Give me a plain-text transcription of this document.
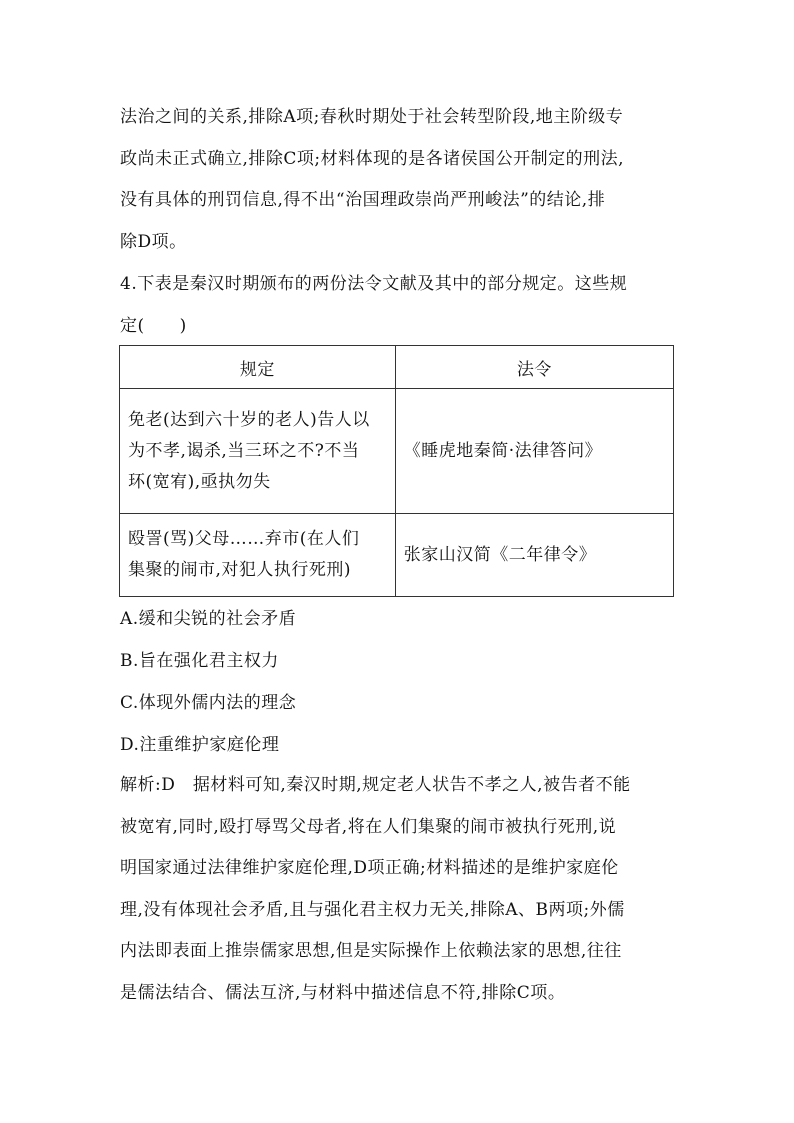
法治之间的关系,排除A项;春秋时期处于社会转型阶段,地主阶级专
政尚未正式确立,排除C项;材料体现的是各诸侯国公开制定的刑法,
没有具体的刑罚信息,得不出“治国理政崇尚严刑峻法”的结论,排
除D项。
4.下表是秦汉时期颁布的两份法令文献及其中的部分规定。这些规
定(　　)
规定	法令

免老(达到六十岁的老人)告人以
为不孝,谒杀,当三环之不?不当
环(宽宥),亟执勿失	《睡虎地秦简·法律答问》

殴詈(骂)父母……弃市(在人们
集聚的闹市,对犯人执行死刑)	张家山汉简《二年律令》
A.缓和尖锐的社会矛盾
B.旨在强化君主权力
C.体现外儒内法的理念
D.注重维护家庭伦理
解析:D　据材料可知,秦汉时期,规定老人状告不孝之人,被告者不能
被宽宥,同时,殴打辱骂父母者,将在人们集聚的闹市被执行死刑,说
明国家通过法律维护家庭伦理,D项正确;材料描述的是维护家庭伦
理,没有体现社会矛盾,且与强化君主权力无关,排除A、B两项;外儒
内法即表面上推崇儒家思想,但是实际操作上依赖法家的思想,往往
是儒法结合、儒法互济,与材料中描述信息不符,排除C项。
